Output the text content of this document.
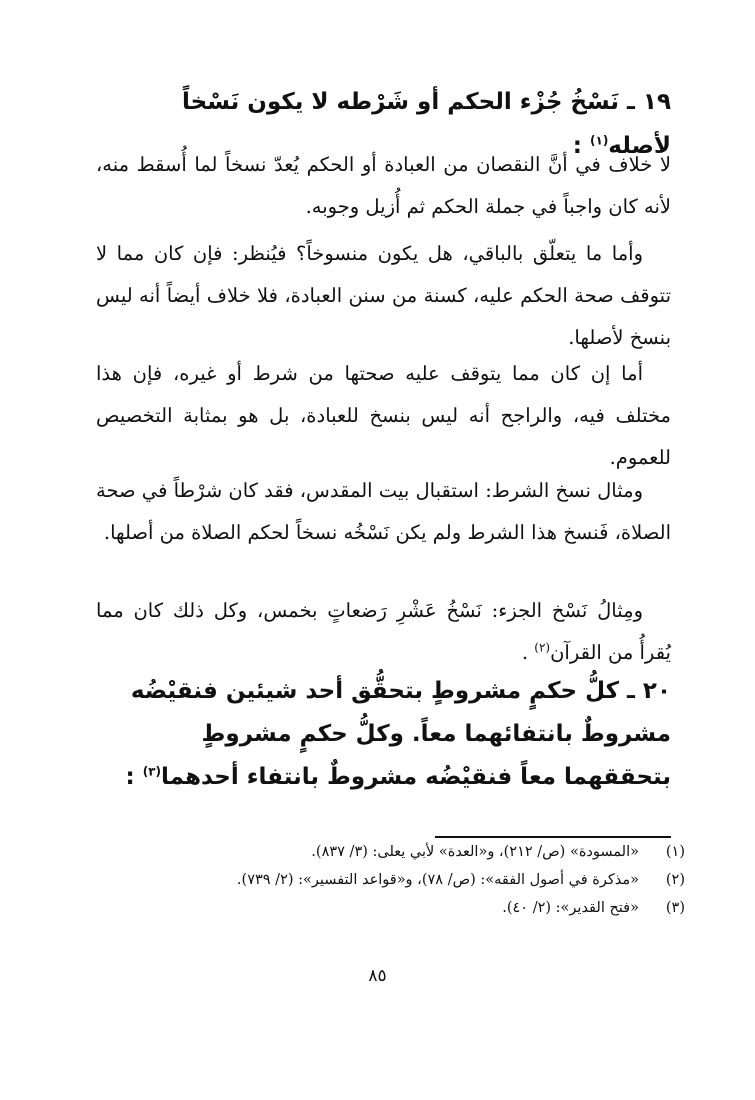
١٩ ـ نَسْخُ جُزْء الحكم أو شَرْطه لا يكون نَسْخاً لأصله$^{(١)}$ :

لا خلاف في أنَّ النقصان من العبادة أو الحكم يُعدّ نسخاً لما أُسقط منه، لأنه كان واجباً في جملة الحكم ثم أُزيل وجوبه.

وأما ما يتعلّق بالباقي، هل يكون منسوخاً؟ فيُنظر: فإن كان مما لا تتوقف صحة الحكم عليه، كسنة من سنن العبادة، فلا خلاف أيضاً أنه ليس بنسخ لأصلها.

أما إن كان مما يتوقف عليه صحتها من شرط أو غيره، فإن هذا مختلف فيه، والراجح أنه ليس بنسخ للعبادة، بل هو بمثابة التخصيص للعموم.

ومثال نسخ الشرط: استقبال بيت المقدس، فقد كان شرْطاً في صحة الصلاة، فَنسخ هذا الشرط ولم يكن نَسْخُه نسخاً لحكم الصلاة من أصلها.

ومِثالُ نَسْخ الجزء: نَسْخُ عَشْرِ رَضعاتٍ بخمس، وكل ذلك كان مما يُقرأُ من القرآن$^{(٢)}$ .

٢٠ ـ كلُّ حكمٍ مشروطٍ بتحقُّق أحد شيئين فنقيْضُه مشروطٌ بانتفائهما معاً. وكلُّ حكمٍ مشروطٍ بتحققهما معاً فنقيْضُه مشروطٌ بانتفاء أحدهما$^{(٣)}$ :
(١)
«المسودة» (ص/ ٢١٢)، و«العدة» لأبي يعلى: (٣/ ٨٣٧).
(٢)
«مذكرة في أصول الفقه»: (ص/ ٧٨)، و«قواعد التفسير»: (٢/ ٧٣٩).
(٣)
«فتح القدير»: (٢/ ٤٠).
٨٥
